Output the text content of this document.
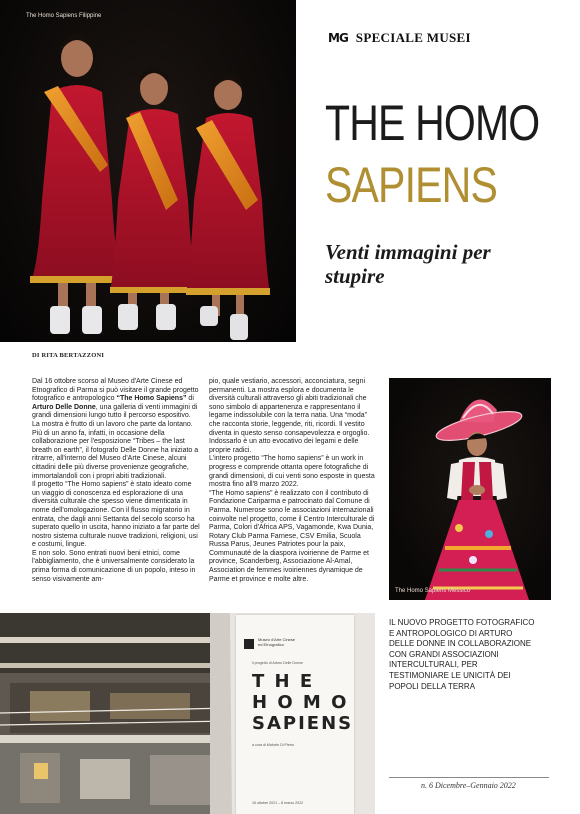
The Homo Sapiens Filippine
MG SPECIALE MUSEI
THE HOMO
SAPIENS
Venti immagini per stupire
DI RITA BERTAZZONI

Dal 16 ottobre scorso al Museo d'Arte Cinese ed Etnografico di Parma si può visitare il grande progetto fotografico e antropologico “The Homo Sapiens” di Arturo Delle Donne, una galleria di venti immagini di grandi dimensioni lungo tutto il percorso espositivo.

La mostra è frutto di un lavoro che parte da lontano.

Più di un anno fa, infatti, in occasione della collaborazione per l'esposizione “Tribes – the last breath on earth”, il fotografo Delle Donne ha iniziato a ritrarre, all'interno del Museo d'Arte Cinese, alcuni cittadini delle più diverse provenienze geografiche, immortalandoli con i propri abiti tradizionali.

Il progetto “The Homo sapiens” è stato ideato come un viaggio di conoscenza ed esplorazione di una diversità culturale che spesso viene dimenticata in nome dell'omologazione. Con il flusso migratorio in entrata, che dagli anni Settanta del secolo scorso ha superato quello in uscita, hanno iniziato a far parte del nostro sistema culturale nuove tradizioni, religioni, usi e costumi, lingue.

E non solo. Sono entrati nuovi beni etnici, come l'abbigliamento, che è universalmente considerato la prima forma di comunicazione di un popolo, inteso in senso visivamente am-

pio, quale vestiario, accessori, acconciatura, segni permanenti. La mostra esplora e documenta le diversità culturali attraverso gli abiti tradizionali che sono simbolo di appartenenza e rappresentano il legame indissolubile con la terra natia. Una “moda” che racconta storie, leggende, riti, ricordi. Il vestito diventa in questo senso consapevolezza e orgoglio. Indossarlo è un atto evocativo dei legami e delle proprie radici.

L'intero progetto “The homo sapiens” è un work in progress e comprende ottanta opere fotografiche di grandi dimensioni, di cui venti sono esposte in questa mostra fino all'8 marzo 2022.

“The Homo sapiens” è realizzato con il contributo di Fondazione Cariparma e patrocinato dal Comune di Parma. Numerose sono le associazioni internazionali coinvolte nel progetto, come il Centro Interculturale di Parma, Colori d'Africa APS, Vagamonde, Kwa Dunia, Rotary Club Parma Farnese, CSV Emilia, Scuola Russa Parus, Jeunes Patriotes pour la paix, Communauté de la diaspora ivoirienne de Parme et province, Scanderberg, Associazione Al-Amal, Association de femmes ivoiriennes dynamique de Parme et province e molte altre.

The Homo Sapiens Messico
IL NUOVO PROGETTO FOTOGRAFICO E ANTROPOLOGICO DI ARTURO DELLE DONNE IN COLLABORAZIONE CON GRANDI ASSOCIAZIONI INTERCULTURALI, PER TESTIMONIARE LE UNICITÀ DEI POPOLI DELLA TERRA
Museo d'Arte Cinese
ed Etnografico
il progetto di Arturo Delle Donne
T H E
H O M O
SAPIENS
a cura di Michele Di Pietro
16 ottobre 2021 – 8 marzo 2022
n. 6 Dicembre–Gennaio 2022
